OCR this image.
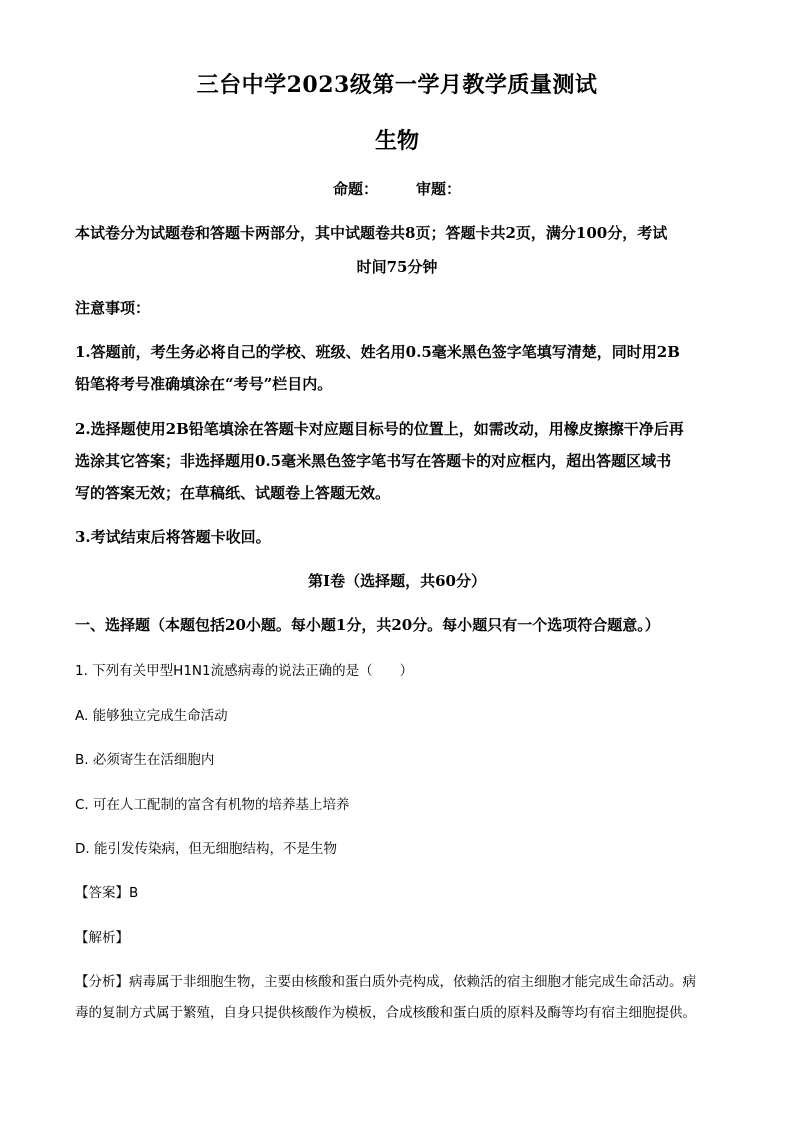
三台中学2023级第一学月教学质量测试
生物
命题：	审题：
本试卷分为试题卷和答题卡两部分，其中试题卷共8页；答题卡共2页，满分100分，考试
时间75分钟
注意事项：
1.答题前，考生务必将自己的学校、班级、姓名用0.5毫米黑色签字笔填写清楚，同时用2B
铅笔将考号准确填涂在“考号”栏目内。
2.选择题使用2B铅笔填涂在答题卡对应题目标号的位置上，如需改动，用橡皮擦擦干净后再
选涂其它答案；非选择题用0.5毫米黑色签字笔书写在答题卡的对应框内，超出答题区域书
写的答案无效；在草稿纸、试题卷上答题无效。
3.考试结束后将答题卡收回。
第I卷（选择题，共60分）
一、选择题（本题包括20小题。每小题1分，共20分。每小题只有一个选项符合题意。）
1. 下列有关甲型H1N1流感病毒的说法正确的是（　　）
A. 能够独立完成生命活动
B. 必须寄生在活细胞内
C. 可在人工配制的富含有机物的培养基上培养
D. 能引发传染病，但无细胞结构，不是生物
【答案】B
【解析】
【分析】病毒属于非细胞生物，主要由核酸和蛋白质外壳构成，依赖活的宿主细胞才能完成生命活动。病
毒的复制方式属于繁殖，自身只提供核酸作为模板，合成核酸和蛋白质的原料及酶等均有宿主细胞提供。
